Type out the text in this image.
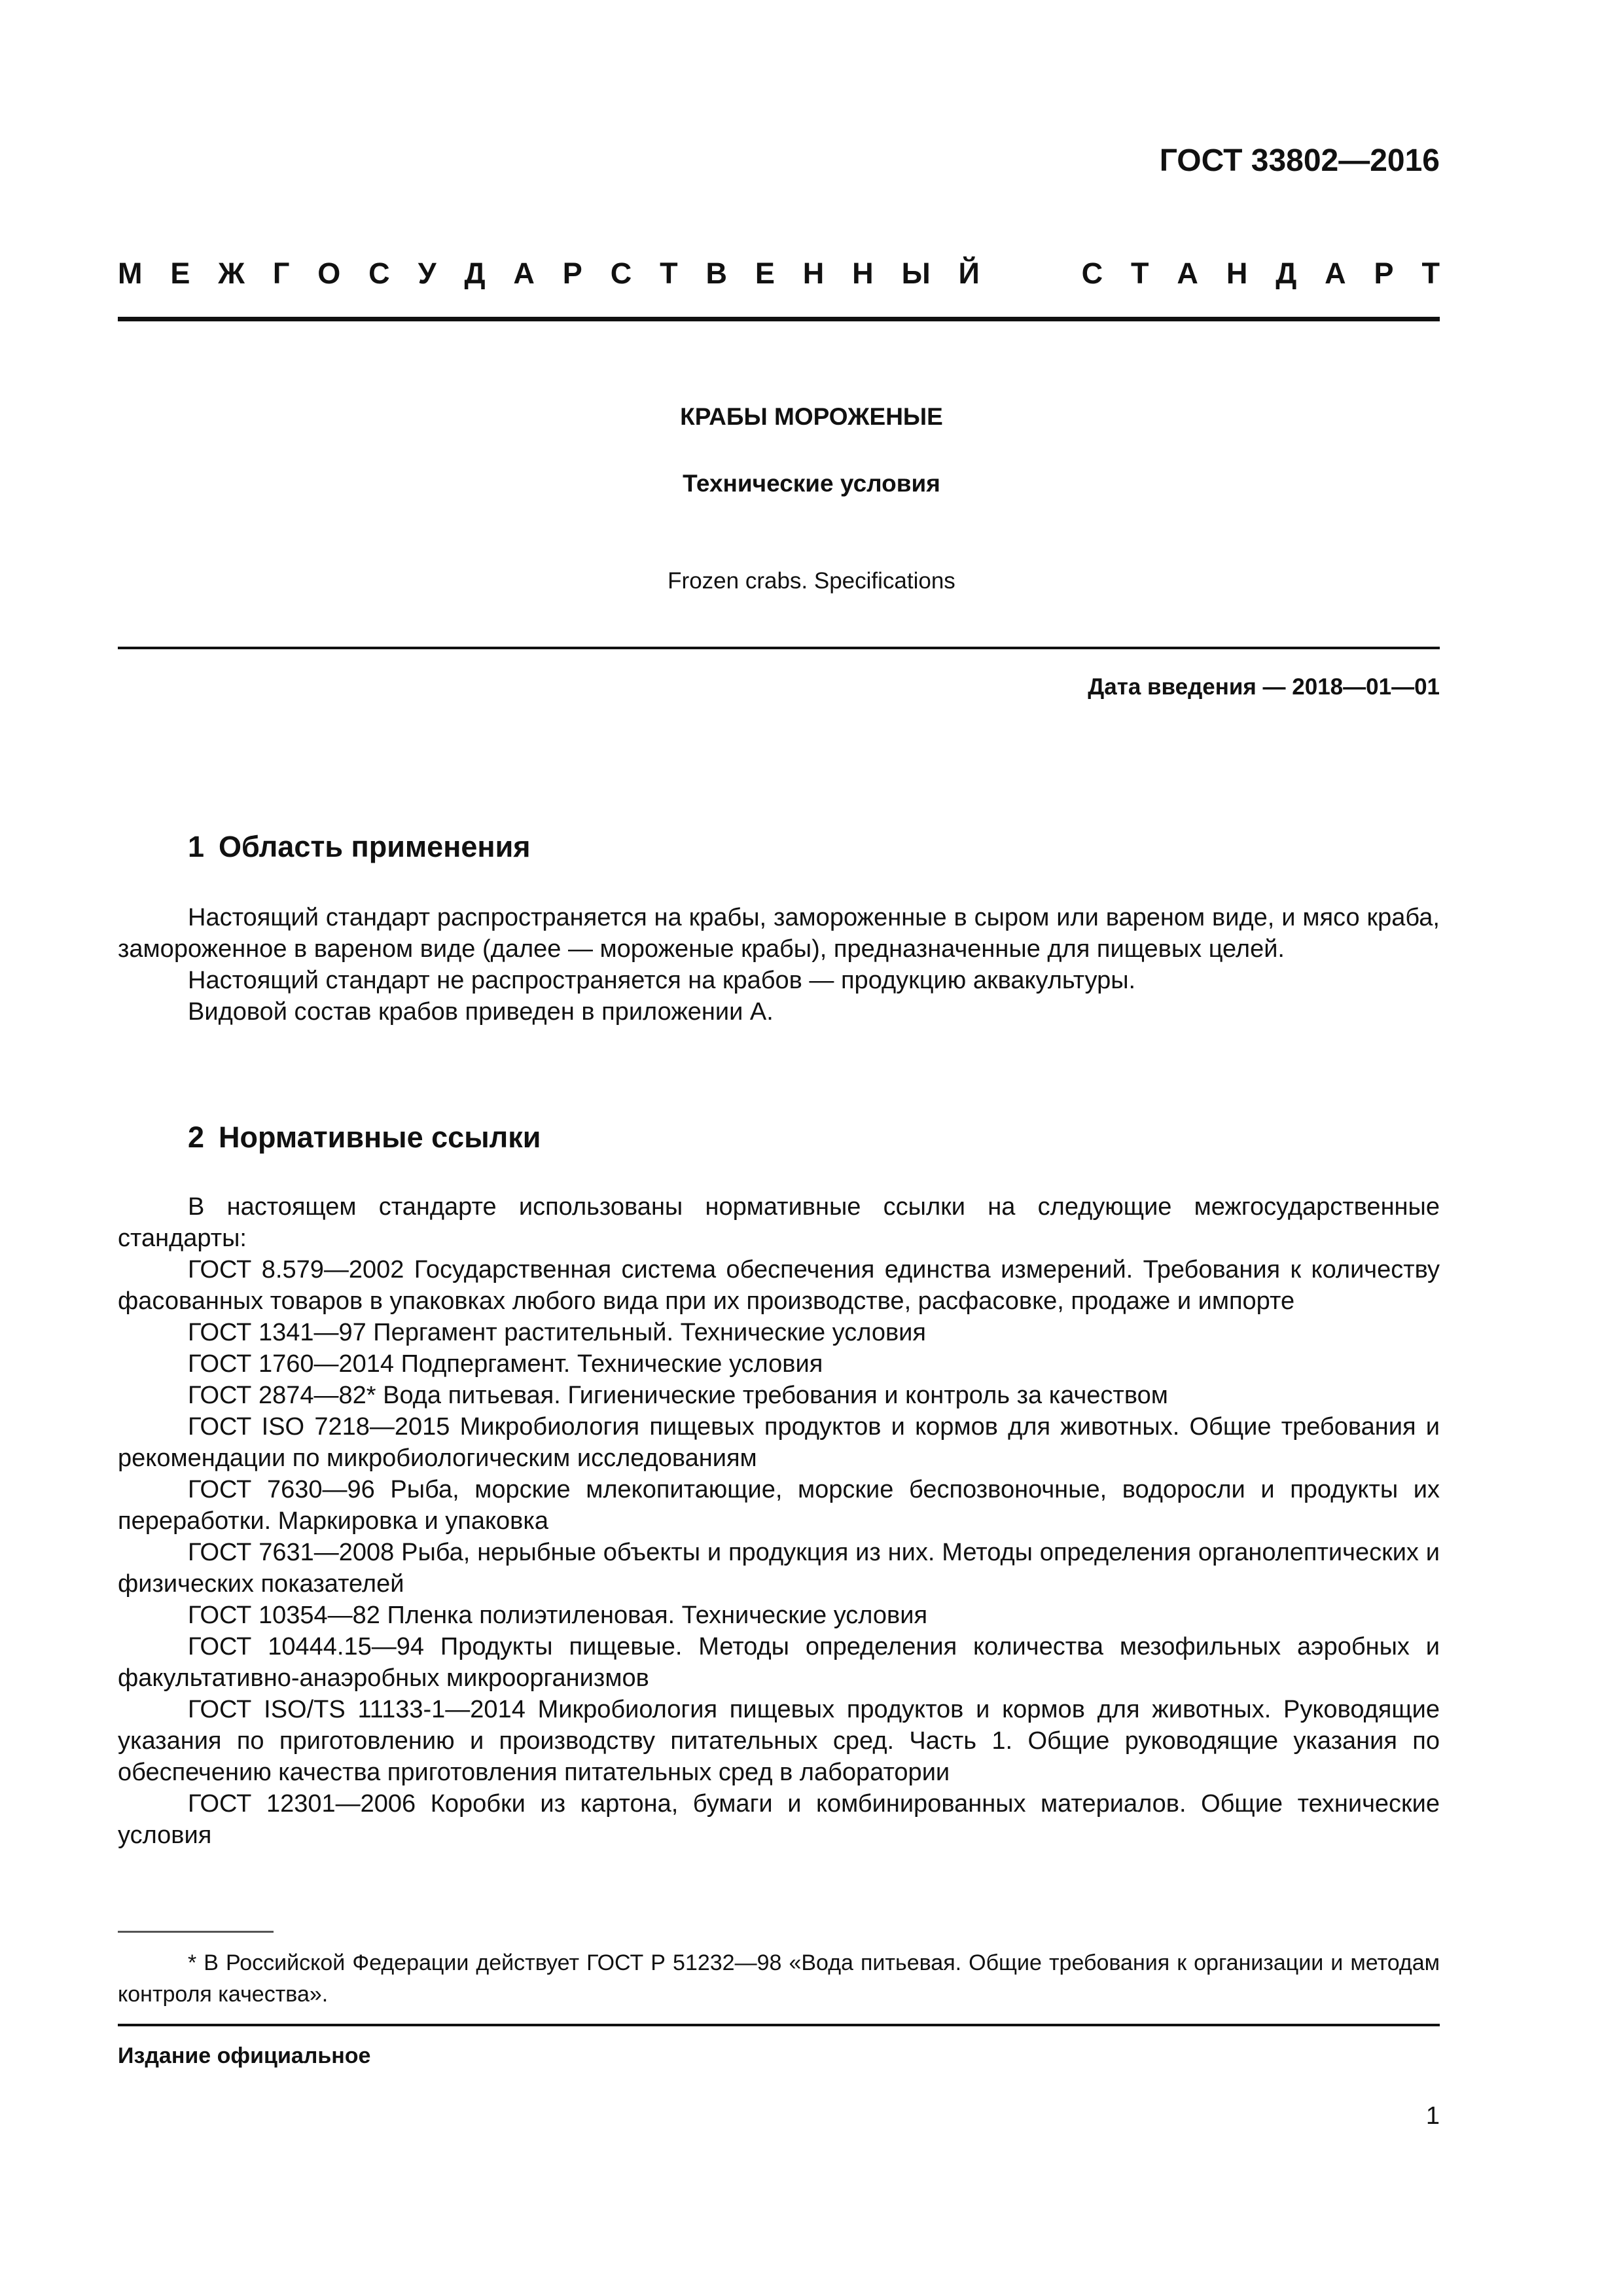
ГОСТ 33802—2016
М Е Ж Г О С У Д А Р С Т В Е Н Н Ы Й	С Т А Н Д А Р Т
КРАБЫ МОРОЖЕНЫЕ
Технические условия
Frozen crabs. Specifications
Дата введения — 2018—01—01
1 Область применения

Настоящий стандарт распространяется на крабы, замороженные в сыром или вареном виде, и мясо краба, замороженное в вареном виде (далее — мороженые крабы), предназначенные для пищевых целей.

Настоящий стандарт не распространяется на крабов — продукцию аквакультуры.

Видовой состав крабов приведен в приложении А.

2 Нормативные ссылки

В настоящем стандарте использованы нормативные ссылки на следующие межгосударственные стандарты:

ГОСТ 8.579—2002 Государственная система обеспечения единства измерений. Требования к количеству фасованных товаров в упаковках любого вида при их производстве, расфасовке, продаже и импорте

ГОСТ 1341—97 Пергамент растительный. Технические условия

ГОСТ 1760—2014 Подпергамент. Технические условия

ГОСТ 2874—82* Вода питьевая. Гигиенические требования и контроль за качеством

ГОСТ ISO 7218—2015 Микробиология пищевых продуктов и кормов для животных. Общие требования и рекомендации по микробиологическим исследованиям

ГОСТ 7630—96 Рыба, морские млекопитающие, морские беспозвоночные, водоросли и продукты их переработки. Маркировка и упаковка

ГОСТ 7631—2008 Рыба, нерыбные объекты и продукция из них. Методы определения органолептических и физических показателей

ГОСТ 10354—82 Пленка полиэтиленовая. Технические условия

ГОСТ 10444.15—94 Продукты пищевые. Методы определения количества мезофильных аэробных и факультативно-анаэробных микроорганизмов

ГОСТ ISO/TS 11133-1—2014 Микробиология пищевых продуктов и кормов для животных. Руководящие указания по приготовлению и производству питательных сред. Часть 1. Общие руководящие указания по обеспечению качества приготовления питательных сред в лаборатории

ГОСТ 12301—2006 Коробки из картона, бумаги и комбинированных материалов. Общие технические условия

* В Российской Федерации действует ГОСТ Р 51232—98 «Вода питьевая. Общие требования к организации и методам контроля качества».

Издание официальное
1
